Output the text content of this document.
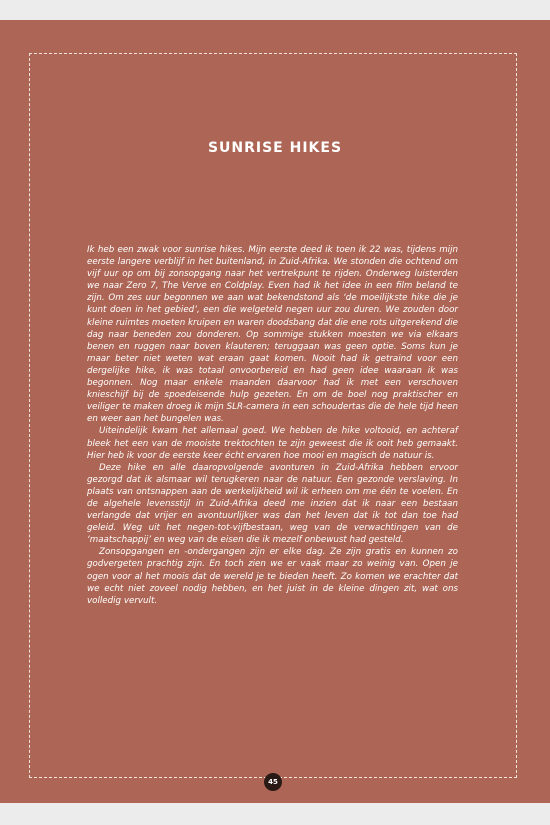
SUNRISE HIKES

Ik heb een zwak voor sunrise hikes. Mijn eerste deed ik toen ik 22 was, tijdens mijn eerste langere verblijf in het buitenland, in Zuid-Afrika. We stonden die ochtend om vijf uur op om bij zonsopgang naar het vertrekpunt te rijden. Onderweg luisterden we naar Zero 7, The Verve en Coldplay. Even had ik het idee in een film beland te zijn. Om zes uur begonnen we aan wat bekendstond als ‘de moeilijkste hike die je kunt doen in het gebied’, een die welgeteld negen uur zou duren. We zouden door kleine ruimtes moeten kruipen en waren doodsbang dat die ene rots uitgerekend die dag naar beneden zou donderen. Op sommige stukken moesten we via elkaars benen en ruggen naar boven klauteren; teruggaan was geen optie. Soms kun je maar beter niet weten wat eraan gaat komen. Nooit had ik getraind voor een dergelijke hike, ik was totaal onvoorbereid en had geen idee waaraan ik was begonnen. Nog maar enkele maanden daarvoor had ik met een verschoven knieschijf bij de spoedeisende hulp gezeten. En om de boel nog praktischer en veiliger te maken droeg ik mijn SLR-camera in een schoudertas die de hele tijd heen en weer aan het bungelen was.

Uiteindelijk kwam het allemaal goed. We hebben de hike voltooid, en achteraf bleek het een van de mooiste trektochten te zijn geweest die ik ooit heb gemaakt. Hier heb ik voor de eerste keer écht ervaren hoe mooi en magisch de natuur is.

Deze hike en alle daaropvolgende avonturen in Zuid-Afrika hebben ervoor gezorgd dat ik alsmaar wil terugkeren naar de natuur. Een gezonde verslaving. In plaats van ontsnappen aan de werkelijkheid wil ik erheen om me één te voelen. En de algehele levensstijl in Zuid-Afrika deed me inzien dat ik naar een bestaan verlangde dat vrijer en avontuurlijker was dan het leven dat ik tot dan toe had geleid. Weg uit het negen-tot-vijfbestaan, weg van de verwachtingen van de ‘maatschappij’ en weg van de eisen die ik mezelf onbewust had gesteld.

Zonsopgangen en -ondergangen zijn er elke dag. Ze zijn gratis en kunnen zo godvergeten prachtig zijn. En toch zien we er vaak maar zo weinig van. Open je ogen voor al het moois dat de wereld je te bieden heeft. Zo komen we erachter dat we echt niet zoveel nodig hebben, en het juist in de kleine dingen zit, wat ons volledig vervult.

45
